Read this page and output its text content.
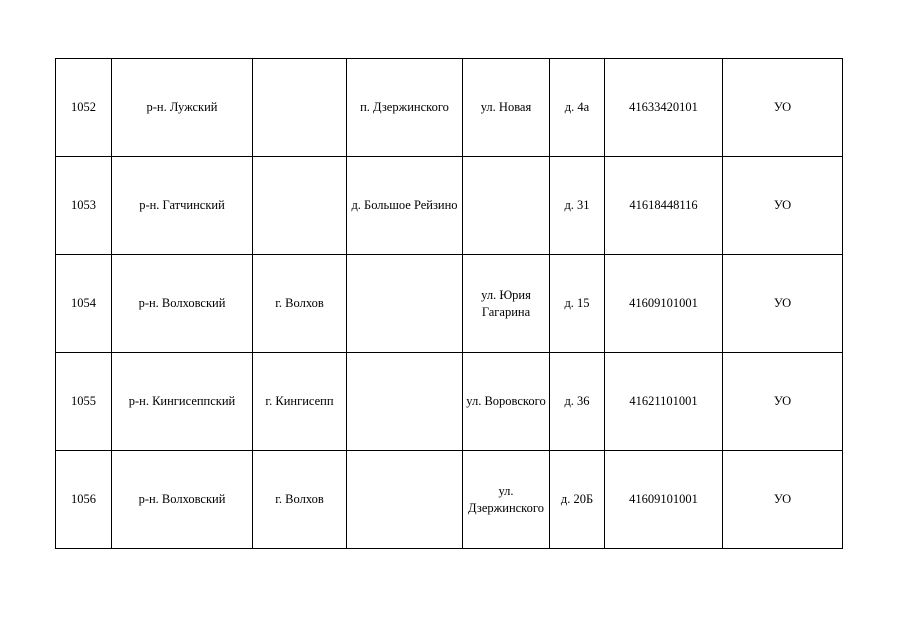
1052	р-н. Лужский		п. Дзержинского	ул. Новая	д. 4а	41633420101	УО
1053	р-н. Гатчинский		д. Большое Рейзино		д. 31	41618448116	УО
1054	р-н. Волховский	г. Волхов		ул. Юрия Гагарина	д. 15	41609101001	УО
1055	р-н. Кингисеппский	г. Кингисепп		ул. Воровского	д. 36	41621101001	УО
1056	р-н. Волховский	г. Волхов		ул. Дзержинского	д. 20Б	41609101001	УО
